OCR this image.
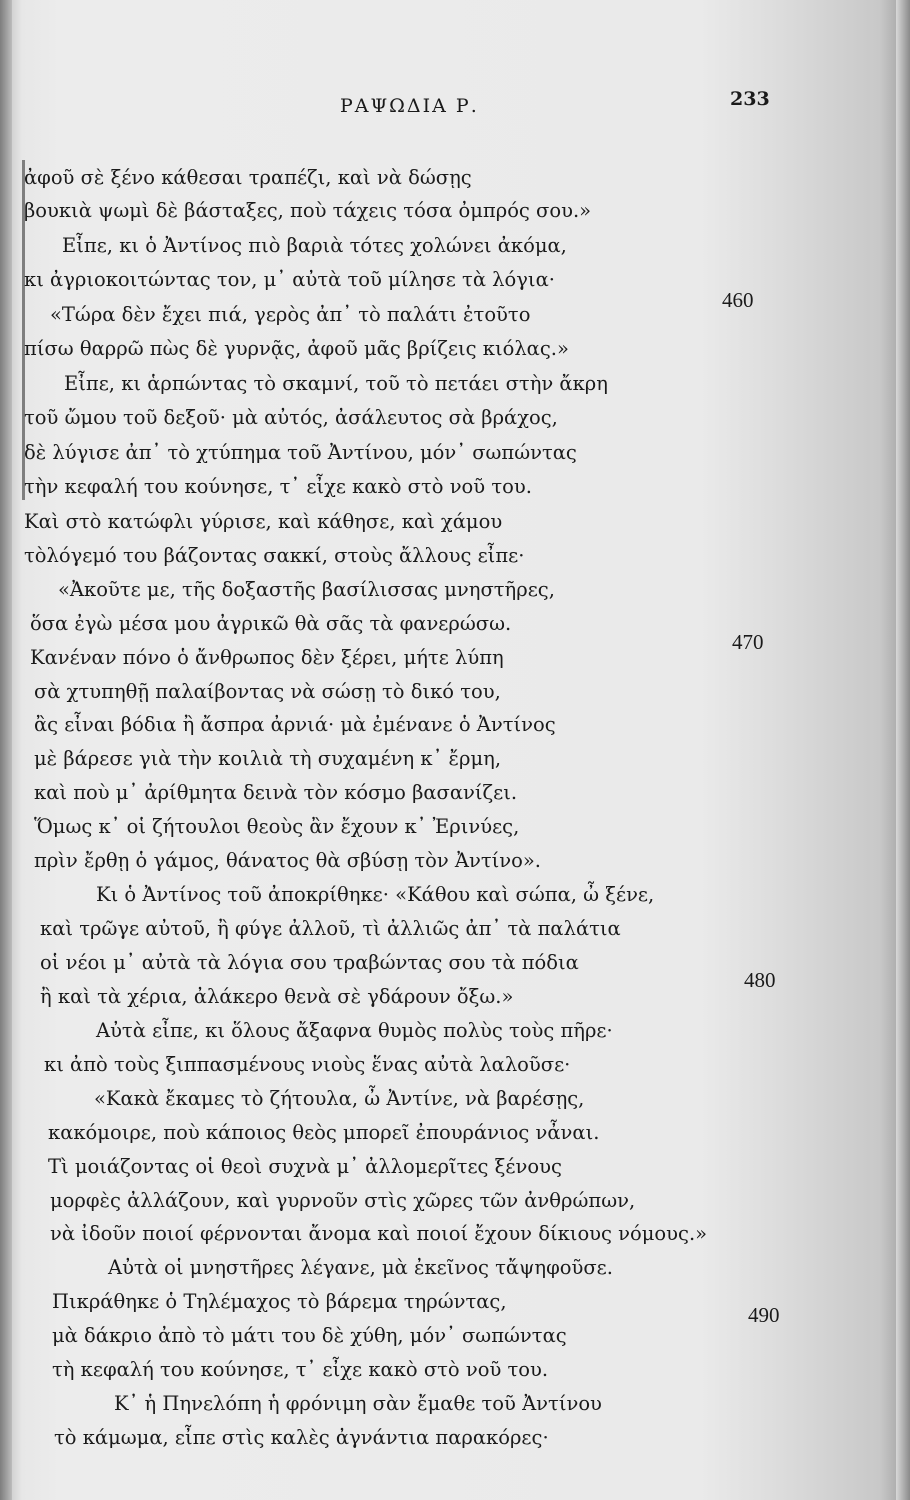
ΡΑΨΩΔΙΑ Ρ.	233
ἀφοῦ σὲ ξένο κάθεσαι τραπέζι, καὶ νὰ δώσῃς
βουκιὰ ψωμὶ δὲ βάσταξες, ποὺ τάχεις τόσα ὀμπρός σου.»
Εἶπε, κι ὁ Ἀντίνος πιὸ βαριὰ τότες χολώνει ἀκόμα,
κι ἀγριοκοιτώντας τον, μ᾽ αὐτὰ τοῦ μίλησε τὰ λόγια·
«Τώρα δὲν ἔχει πιά, γερὸς ἀπ᾽ τὸ παλάτι ἐτοῦτο
πίσω θαρρῶ πὼς δὲ γυρνᾷς, ἀφοῦ μᾶς βρίζεις κιόλας.»
Εἶπε, κι ἁρπώντας τὸ σκαμνί, τοῦ τὸ πετάει στὴν ἄκρη
τοῦ ὤμου τοῦ δεξοῦ· μὰ αὐτός, ἀσάλευτος σὰ βράχος,
δὲ λύγισε ἀπ᾽ τὸ χτύπημα τοῦ Ἀντίνου, μόν᾽ σωπώντας
τὴν κεφαλή του κούνησε, τ᾽ εἶχε κακὸ στὸ νοῦ του.
Καὶ στὸ κατώφλι γύρισε, καὶ κάθησε, καὶ χάμου
τὸλόγεμό του βάζοντας σακκί, στοὺς ἄλλους εἶπε·
«Ἀκοῦτε με, τῆς δοξαστῆς βασίλισσας μνηστῆρες,
ὅσα ἐγὼ μέσα μου ἀγρικῶ θὰ σᾶς τὰ φανερώσω.
Κανέναν πόνο ὁ ἄνθρωπος δὲν ξέρει, μήτε λύπη
σὰ χτυπηθῇ παλαίβοντας νὰ σώσῃ τὸ δικό του,
ἂς εἶναι βόδια ἢ ἄσπρα ἀρνιά· μὰ ἐμένανε ὁ Ἀντίνος
μὲ βάρεσε γιὰ τὴν κοιλιὰ τὴ συχαμένη κ᾽ ἔρμη,
καὶ ποὺ μ᾽ ἀρίθμητα δεινὰ τὸν κόσμο βασανίζει.
Ὅμως κ᾽ οἱ ζήτουλοι θεοὺς ἂν ἔχουν κ᾽ Ἐρινύες,
πρὶν ἔρθῃ ὁ γάμος, θάνατος θὰ σβύσῃ τὸν Ἀντίνο».
Κι ὁ Ἀντίνος τοῦ ἀποκρίθηκε· «Κάθου καὶ σώπα, ὦ ξένε,
καὶ τρῶγε αὐτοῦ, ἢ φύγε ἀλλοῦ, τὶ ἀλλιῶς ἀπ᾽ τὰ παλάτια
οἱ νέοι μ᾽ αὐτὰ τὰ λόγια σου τραβώντας σου τὰ πόδια
ἢ καὶ τὰ χέρια, ἀλάκερο θενὰ σὲ γδάρουν ὄξω.»
Αὐτὰ εἶπε, κι ὅλους ἄξαφνα θυμὸς πολὺς τοὺς πῆρε·
κι ἀπὸ τοὺς ξιππασμένους νιοὺς ἕνας αὐτὰ λαλοῦσε·
«Κακὰ ἔκαμες τὸ ζήτουλα, ὦ Ἀντίνε, νὰ βαρέσῃς,
κακόμοιρε, ποὺ κάποιος θεὸς μπορεῖ ἐπουράνιος νἆναι.
Τὶ μοιάζοντας οἱ θεοὶ συχνὰ μ᾽ ἀλλομερῖτες ξένους
μορφὲς ἀλλάζουν, καὶ γυρνοῦν στὶς χῶρες τῶν ἀνθρώπων,
νὰ ἰδοῦν ποιοί φέρνονται ἄνομα καὶ ποιοί ἔχουν δίκιους νόμους.»
Αὐτὰ οἱ μνηστῆρες λέγανε, μὰ ἐκεῖνος τἄψηφοῦσε.
Πικράθηκε ὁ Τηλέμαχος τὸ βάρεμα τηρώντας,
μὰ δάκριο ἀπὸ τὸ μάτι του δὲ χύθη, μόν᾽ σωπώντας
τὴ κεφαλή του κούνησε, τ᾽ εἶχε κακὸ στὸ νοῦ του.
Κ᾽ ἡ Πηνελόπη ἡ φρόνιμη σὰν ἔμαθε τοῦ Ἀντίνου
τὸ κάμωμα, εἶπε στὶς καλὲς ἀγνάντια παρακόρες·
460
470
480
490
